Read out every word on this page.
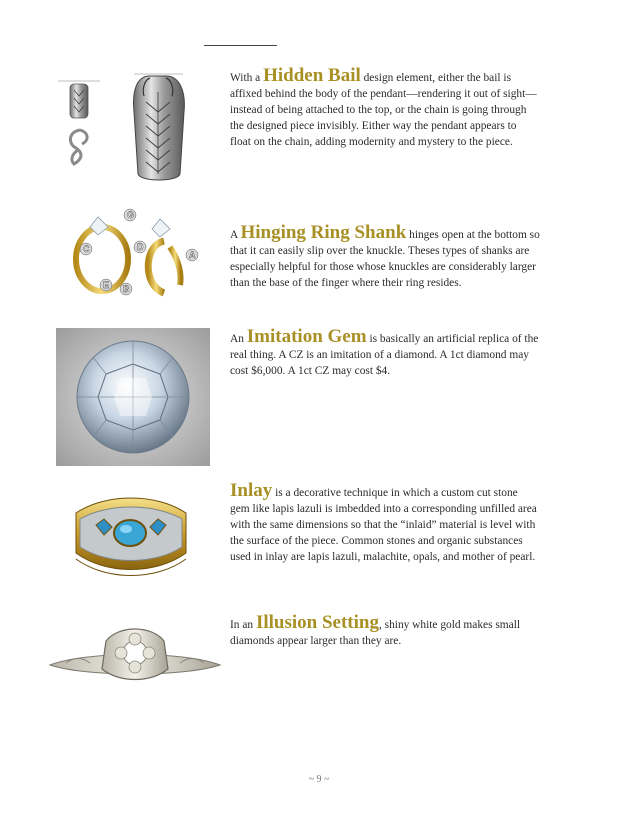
G
C	D
E B
A
With a Hidden Bail design element, either the bail is affixed behind the body of the pendant—rendering it out of sight—instead of being attached to the top, or the chain is going through the designed piece invisibly. Either way the pendant appears to float on the chain, adding modernity and mystery to the piece.
A Hinging Ring Shank hinges open at the bottom so that it can easily slip over the knuckle. Theses types of shanks are especially helpful for those whose knuckles are considerably larger than the base of the finger where their ring resides.
An Imitation Gem is basically an artificial replica of the real thing. A CZ is an imitation of a diamond. A 1ct diamond may cost $6,000. A 1ct CZ may cost $4.
Inlay is a decorative technique in which a custom cut stone gem like lapis lazuli is imbedded into a corresponding unfilled area with the same dimensions so that the “inlaid” material is level with the surface of the piece. Common stones and organic substances used in inlay are lapis lazuli, malachite, opals, and mother of pearl.
In an Illusion Setting, shiny white gold makes small diamonds appear larger than they are.
~ 9 ~
